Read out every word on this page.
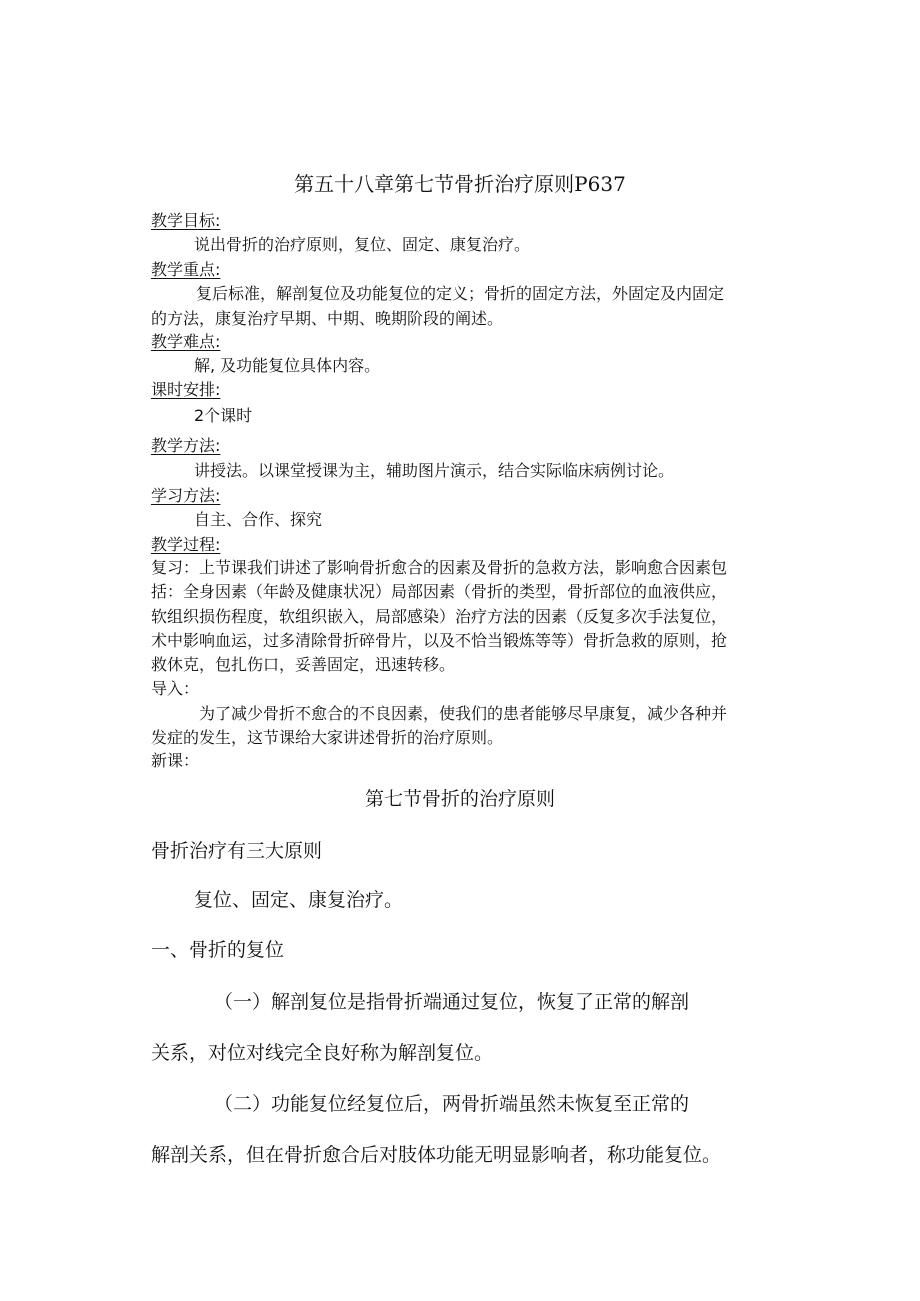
第五十八章第七节骨折治疗原则P637
教学目标:
说出骨折的治疗原则，复位、固定、康复治疗。
教学重点:
复后标准，解剖复位及功能复位的定义；骨折的固定方法，外固定及内固定
的方法，康复治疗早期、中期、晚期阶段的阐述。
教学难点:
解, 及功能复位具体内容。
课时安排:
2个课时
教学方法:
讲授法。以课堂授课为主，辅助图片演示，结合实际临床病例讨论。
学习方法:
自主、合作、探究
教学过程:
复习：上节课我们讲述了影响骨折愈合的因素及骨折的急救方法，影响愈合因素包
括：全身因素（年龄及健康状况）局部因素（骨折的类型，骨折部位的血液供应，
软组织损伤程度，软组织嵌入，局部感染）治疗方法的因素（反复多次手法复位，
术中影响血运，过多清除骨折碎骨片，以及不恰当锻炼等等）骨折急救的原则，抢
救休克，包扎伤口，妥善固定，迅速转移。
导入：
为了减少骨折不愈合的不良因素，使我们的患者能够尽早康复，减少各种并
发症的发生，这节课给大家讲述骨折的治疗原则。
新课：
第七节骨折的治疗原则
骨折治疗有三大原则
复位、固定、康复治疗。
一、骨折的复位
（一）解剖复位是指骨折端通过复位，恢复了正常的解剖
关系，对位对线完全良好称为解剖复位。
（二）功能复位经复位后，两骨折端虽然未恢复至正常的
解剖关系，但在骨折愈合后对肢体功能无明显影响者，称功能复位。
